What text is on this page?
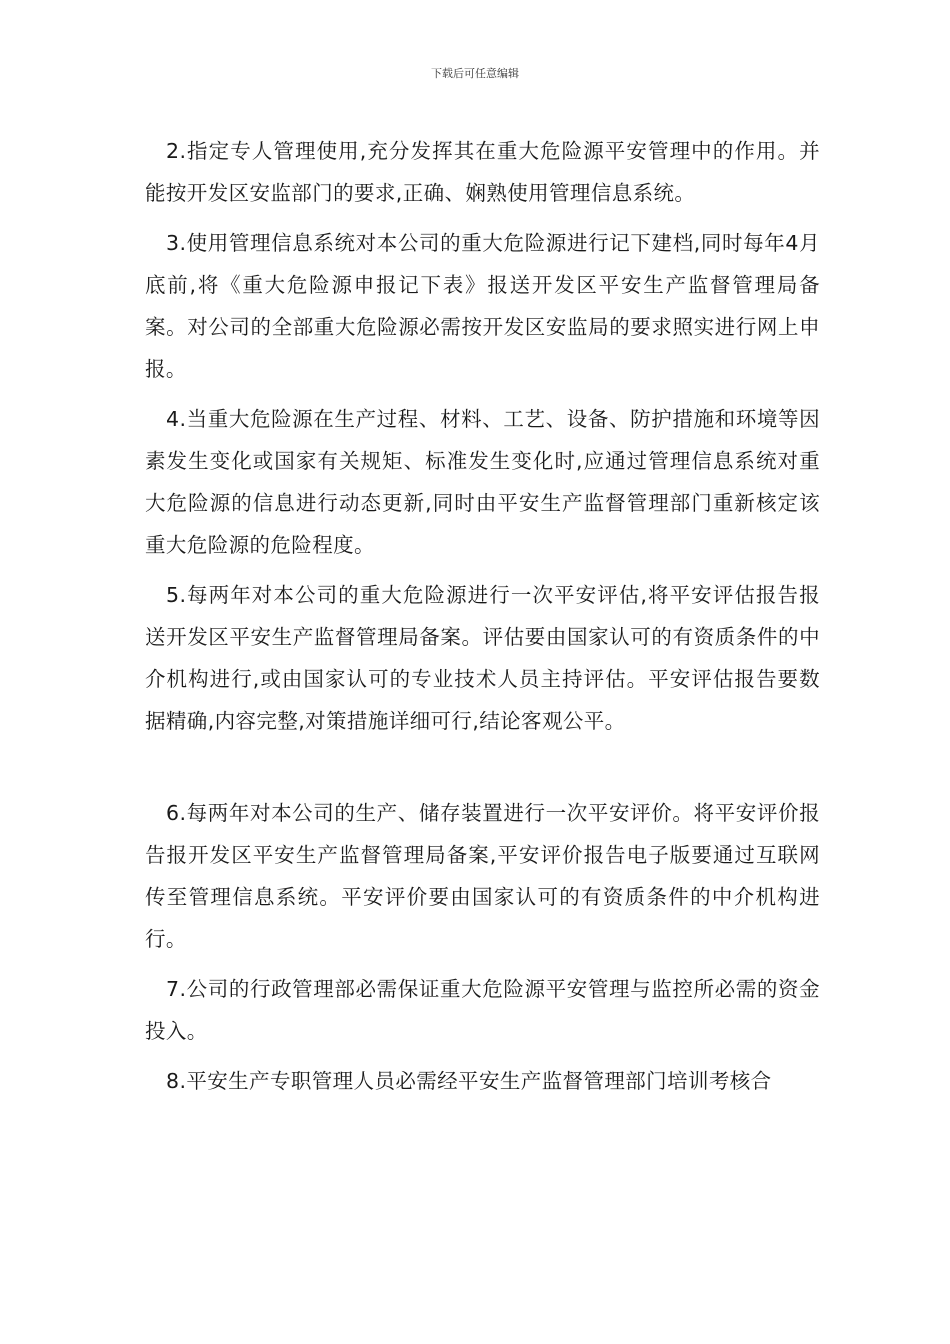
下载后可任意编辑

2.指定专人管理使用,充分发挥其在重大危险源平安管理中的作用。并能按开发区安监部门的要求,正确、娴熟使用管理信息系统。

3.使用管理信息系统对本公司的重大危险源进行记下建档,同时每年4月底前,将《重大危险源申报记下表》报送开发区平安生产监督管理局备案。对公司的全部重大危险源必需按开发区安监局的要求照实进行网上申报。

4.当重大危险源在生产过程、材料、工艺、设备、防护措施和环境等因素发生变化或国家有关规矩、标准发生变化时,应通过管理信息系统对重大危险源的信息进行动态更新,同时由平安生产监督管理部门重新核定该重大危险源的危险程度。

5.每两年对本公司的重大危险源进行一次平安评估,将平安评估报告报送开发区平安生产监督管理局备案。评估要由国家认可的有资质条件的中介机构进行,或由国家认可的专业技术人员主持评估。平安评估报告要数据精确,内容完整,对策措施详细可行,结论客观公平。

6.每两年对本公司的生产、储存装置进行一次平安评价。将平安评价报告报开发区平安生产监督管理局备案,平安评价报告电子版要通过互联网传至管理信息系统。平安评价要由国家认可的有资质条件的中介机构进行。

7.公司的行政管理部必需保证重大危险源平安管理与监控所必需的资金投入。

8.平安生产专职管理人员必需经平安生产监督管理部门培训考核合
